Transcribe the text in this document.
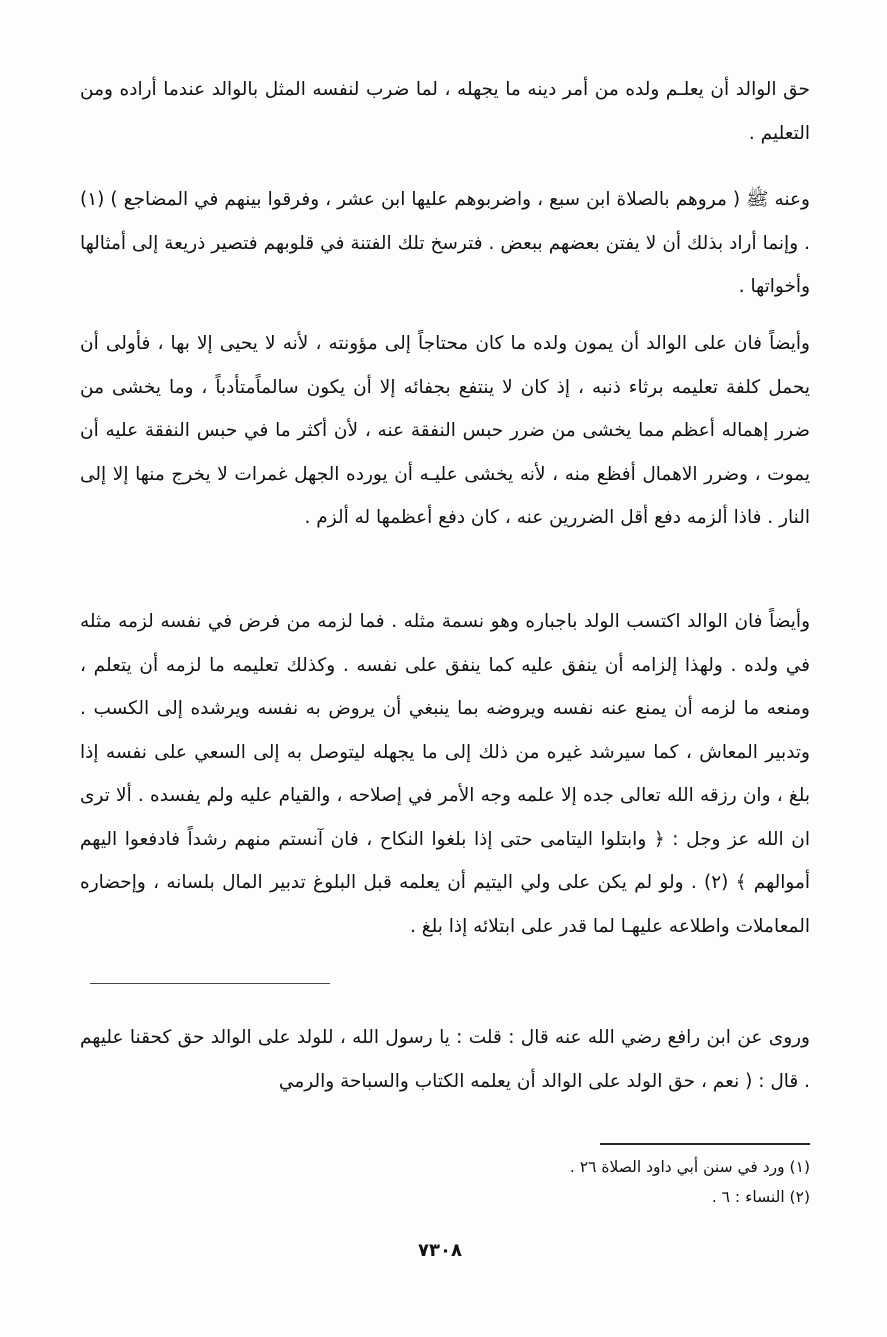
حق الوالد أن يعلـم ولده من أمر دينه ما يجهله ، لما ضرب لنفسه المثل بالوالد عندما أراده ومن التعليم .

وعنه ﷺ ( مروهم بالصلاة ابن سبع ، واضربوهم عليها ابن عشر ، وفرقوا بينهم في المضاجع ) (١) . وإنما أراد بذلك أن لا يفتن بعضهم ببعض . فترسخ تلك الفتنة في قلوبهم فتصير ذريعة إلى أمثالها وأخواتها .

وأيضاً فان على الوالد أن يمون ولده ما كان محتاجاً إلى مؤونته ، لأنه لا يحيى إلا بها ، فأولى أن يحمل كلفة تعليمه برثاء ذنبه ، إذ كان لا ينتفع بجفائه إلا أن يكون سالماًمتأدباً ، وما يخشى من ضرر إهماله أعظم مما يخشى من ضرر حبس النفقة عنه ، لأن أكثر ما في حبس النفقة عليه أن يموت ، وضرر الاهمال أفظع منه ، لأنه يخشى عليـه أن يورده الجهل غمرات لا يخرج منها إلا إلى النار . فاذا ألزمه دفع أقل الضررين عنه ، كان دفع أعظمها له ألزم .

وأيضاً فان الوالد اكتسب الولد باجباره وهو نسمة مثله . فما لزمه من فرض في نفسه لزمه مثله في ولده . ولهذا إلزامه أن ينفق عليه كما ينفق على نفسه . وكذلك تعليمه ما لزمه أن يتعلم ، ومنعه ما لزمه أن يمنع عنه نفسه ويروضه بما ينبغي أن يروض به نفسه ويرشده إلى الكسب . وتدبير المعاش ، كما سيرشد غيره من ذلك إلى ما يجهله ليتوصل به إلى السعي على نفسه إذا بلغ ، وان رزقه الله تعالى جده إلا علمه وجه الأمر في إصلاحه ، والقيام عليه ولم يفسده . ألا ترى ان الله عز وجل : ﴿ وابتلوا اليتامى حتى إذا بلغوا النكاح ، فان آنستم منهم رشداً فادفعوا اليهم أموالهم ﴾ (٢) . ولو لم يكن على ولي اليتيم أن يعلمه قبل البلوغ تدبير المال بلسانه ، وإحضاره المعاملات واطلاعه عليهـا لما قدر على ابتلائه إذا بلغ .

وروى عن ابن رافع رضي الله عنه قال : قلت : يا رسول الله ، للولد على الوالد حق كحقنا عليهم . قال : ( نعم ، حق الولد على الوالد أن يعلمه الكتاب والسباحة والرمي

(١) ورد في سنن أبي داود الصلاة ٢٦ .

(٢) النساء : ٦ .

٧٣٠٨
